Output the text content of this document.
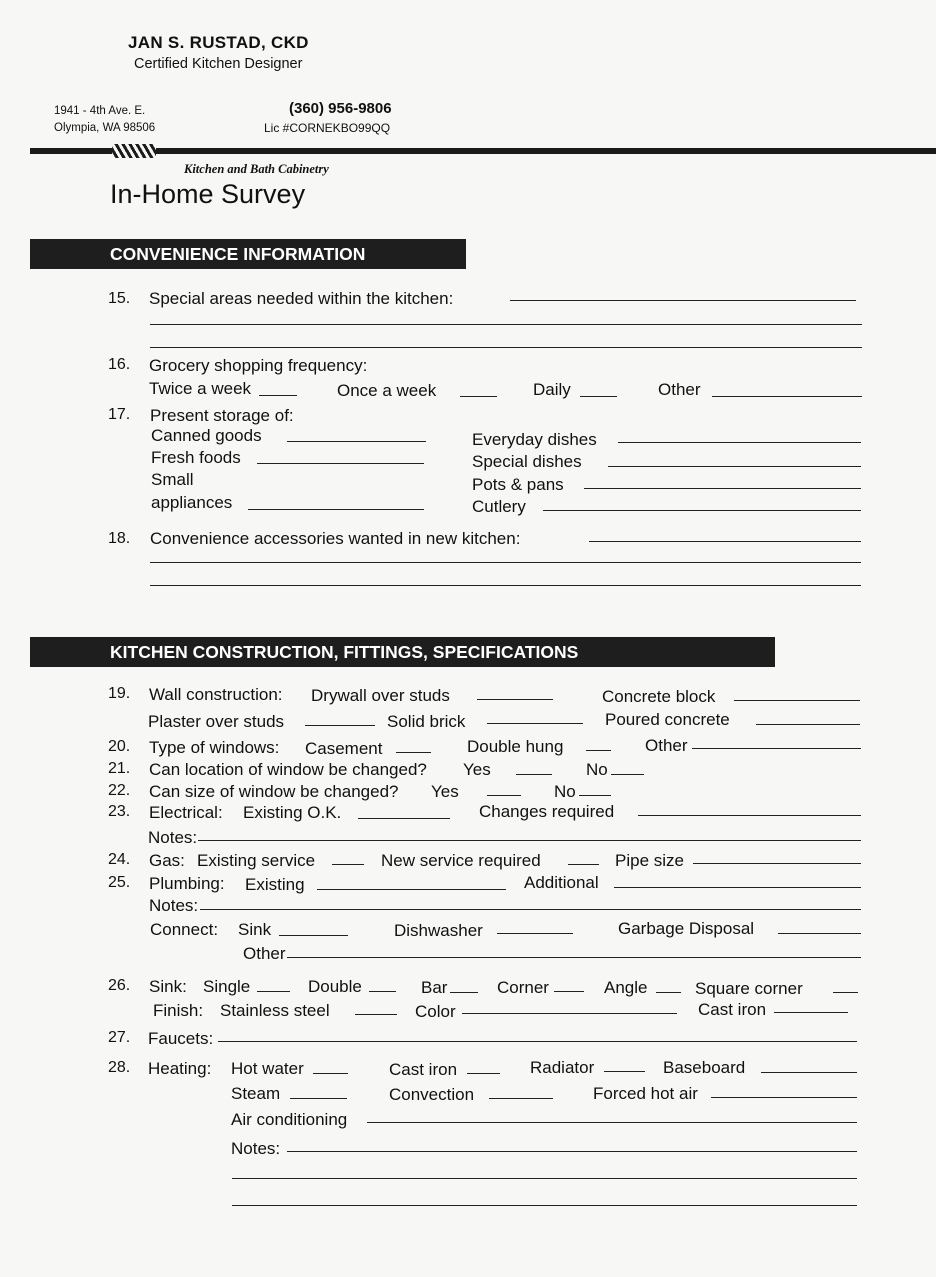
JAN S. RUSTAD, CKD
Certified Kitchen Designer
1941 - 4th Ave. E.
Olympia, WA 98506
(360) 956-9806
Lic #CORNEKBO99QQ
Kitchen and Bath Cabinetry
In-Home Survey
CONVENIENCE INFORMATION
15. Special areas needed within the kitchen:
16. Grocery shopping frequency:
Twice a week	Once a week	Daily	Other
17. Present storage of:
Canned goods
Fresh foods
Small
appliances
Everyday dishes
Special dishes
Pots & pans
Cutlery
18. Convenience accessories wanted in new kitchen:
KITCHEN CONSTRUCTION, FITTINGS, SPECIFICATIONS
19. Wall construction: Drywall over studs	Concrete block
Plaster over studs	Solid brick	Poured concrete
20. Type of windows: Casement	Double hung	Other
21. Can location of window be changed? Yes	No
22. Can size of window be changed? Yes	No
23. Electrical: Existing O.K.	Changes required
Notes:
24. Gas: Existing service	New service required	Pipe size
25. Plumbing: Existing	Additional
Notes:
Connect: Sink	Dishwasher	Garbage Disposal
Other
26. Sink: Single	Double	Bar	Corner	Angle	Square corner
Finish: Stainless steel	Color	Cast iron
27. Faucets:
28. Heating: Hot water	Cast iron	Radiator	Baseboard
Steam	Convection	Forced hot air
Air conditioning
Notes:
